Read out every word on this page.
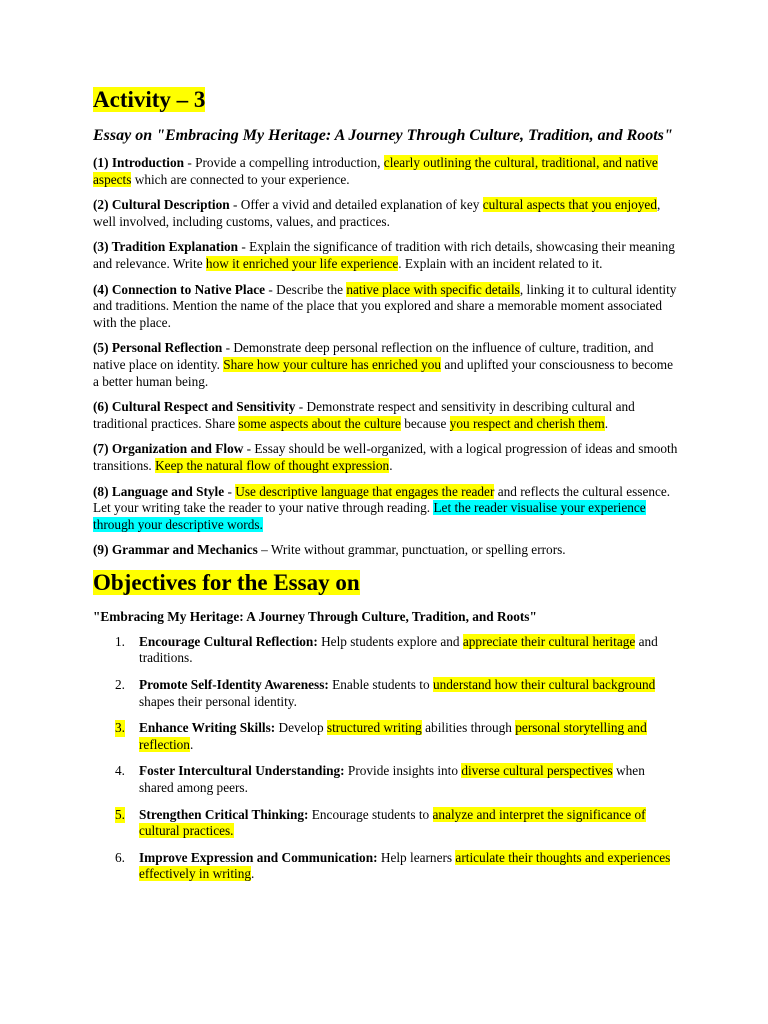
Activity – 3
Essay on "Embracing My Heritage: A Journey Through Culture, Tradition, and Roots"
(1) Introduction - Provide a compelling introduction, clearly outlining the cultural, traditional, and native aspects which are connected to your experience.
(2) Cultural Description - Offer a vivid and detailed explanation of key cultural aspects that you enjoyed, well involved, including customs, values, and practices.
(3) Tradition Explanation - Explain the significance of tradition with rich details, showcasing their meaning and relevance. Write how it enriched your life experience. Explain with an incident related to it.
(4) Connection to Native Place - Describe the native place with specific details, linking it to cultural identity and traditions. Mention the name of the place that you explored and share a memorable moment associated with the place.
(5) Personal Reflection - Demonstrate deep personal reflection on the influence of culture, tradition, and native place on identity. Share how your culture has enriched you and uplifted your consciousness to become a better human being.
(6) Cultural Respect and Sensitivity - Demonstrate respect and sensitivity in describing cultural and traditional practices. Share some aspects about the culture because you respect and cherish them.
(7) Organization and Flow - Essay should be well-organized, with a logical progression of ideas and smooth transitions. Keep the natural flow of thought expression.
(8) Language and Style - Use descriptive language that engages the reader and reflects the cultural essence. Let your writing take the reader to your native through reading. Let the reader visualise your experience through your descriptive words.
(9) Grammar and Mechanics – Write without grammar, punctuation, or spelling errors.
Objectives for the Essay on
"Embracing My Heritage: A Journey Through Culture, Tradition, and Roots"
1. Encourage Cultural Reflection: Help students explore and appreciate their cultural heritage and traditions.
2. Promote Self-Identity Awareness: Enable students to understand how their cultural background shapes their personal identity.
3. Enhance Writing Skills: Develop structured writing abilities through personal storytelling and reflection.
4. Foster Intercultural Understanding: Provide insights into diverse cultural perspectives when shared among peers.
5. Strengthen Critical Thinking: Encourage students to analyze and interpret the significance of cultural practices.
6. Improve Expression and Communication: Help learners articulate their thoughts and experiences effectively in writing.
